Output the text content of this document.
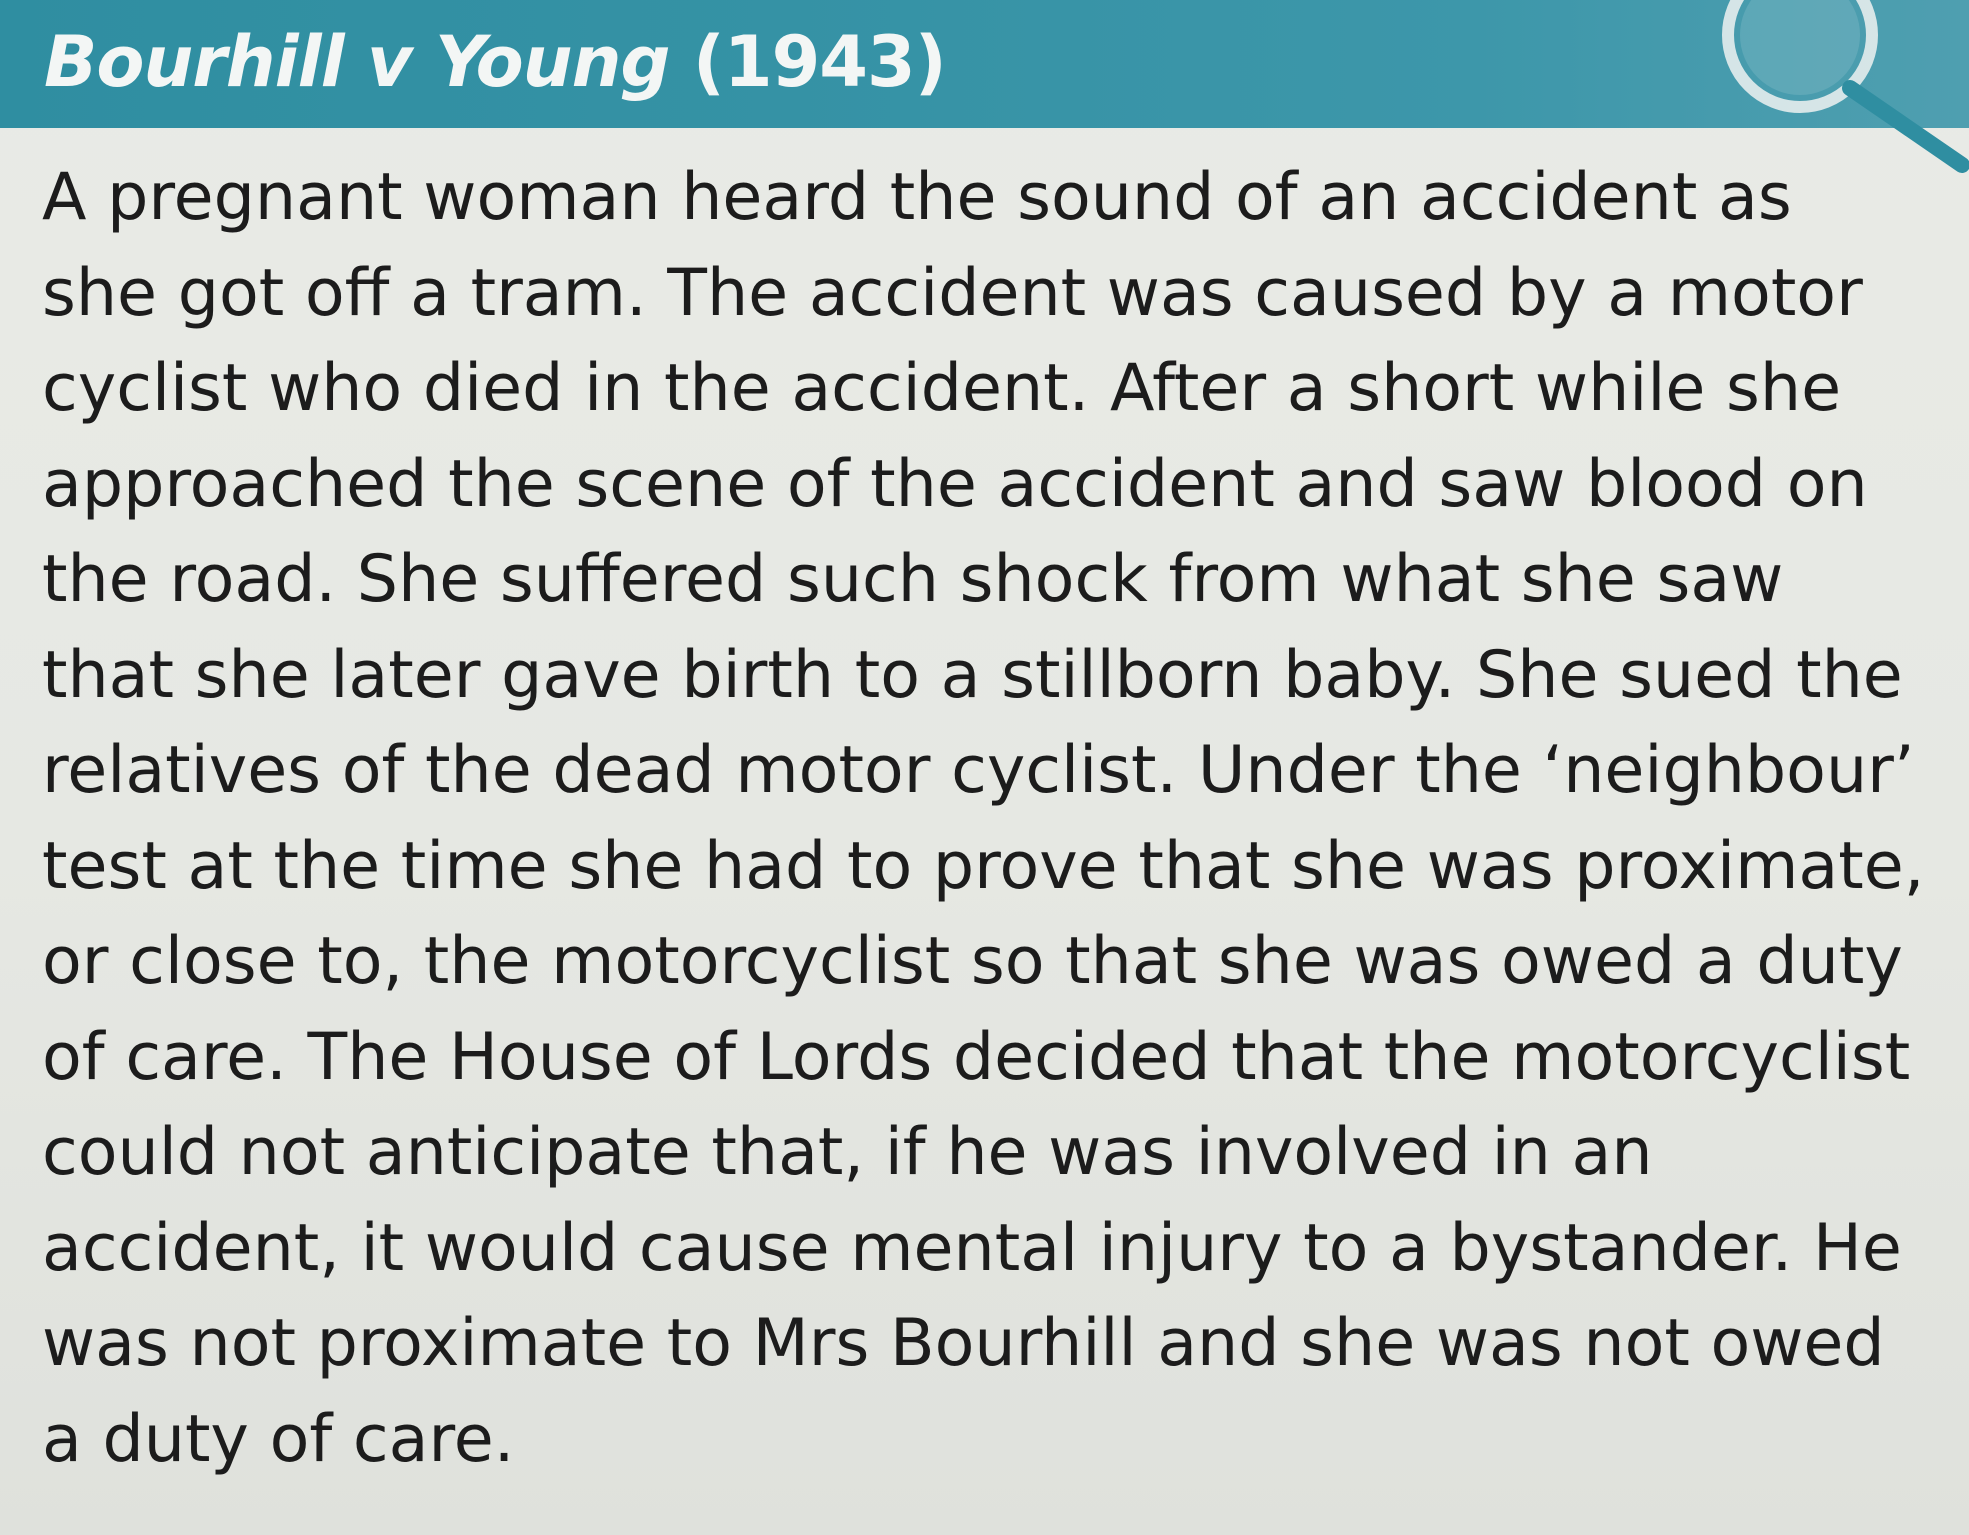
Bourhill v Young (1943)

A pregnant woman heard the sound of an accident as
she got off a tram. The accident was caused by a motor
cyclist who died in the accident. After a short while she
approached the scene of the accident and saw blood on
the road. She suffered such shock from what she saw
that she later gave birth to a stillborn baby. She sued the
relatives of the dead motor cyclist. Under the ‘neighbour’
test at the time she had to prove that she was proximate,
or close to, the motorcyclist so that she was owed a duty
of care. The House of Lords decided that the motorcyclist
could not anticipate that, if he was involved in an
accident, it would cause mental injury to a bystander. He
was not proximate to Mrs Bourhill and she was not owed
a duty of care.
